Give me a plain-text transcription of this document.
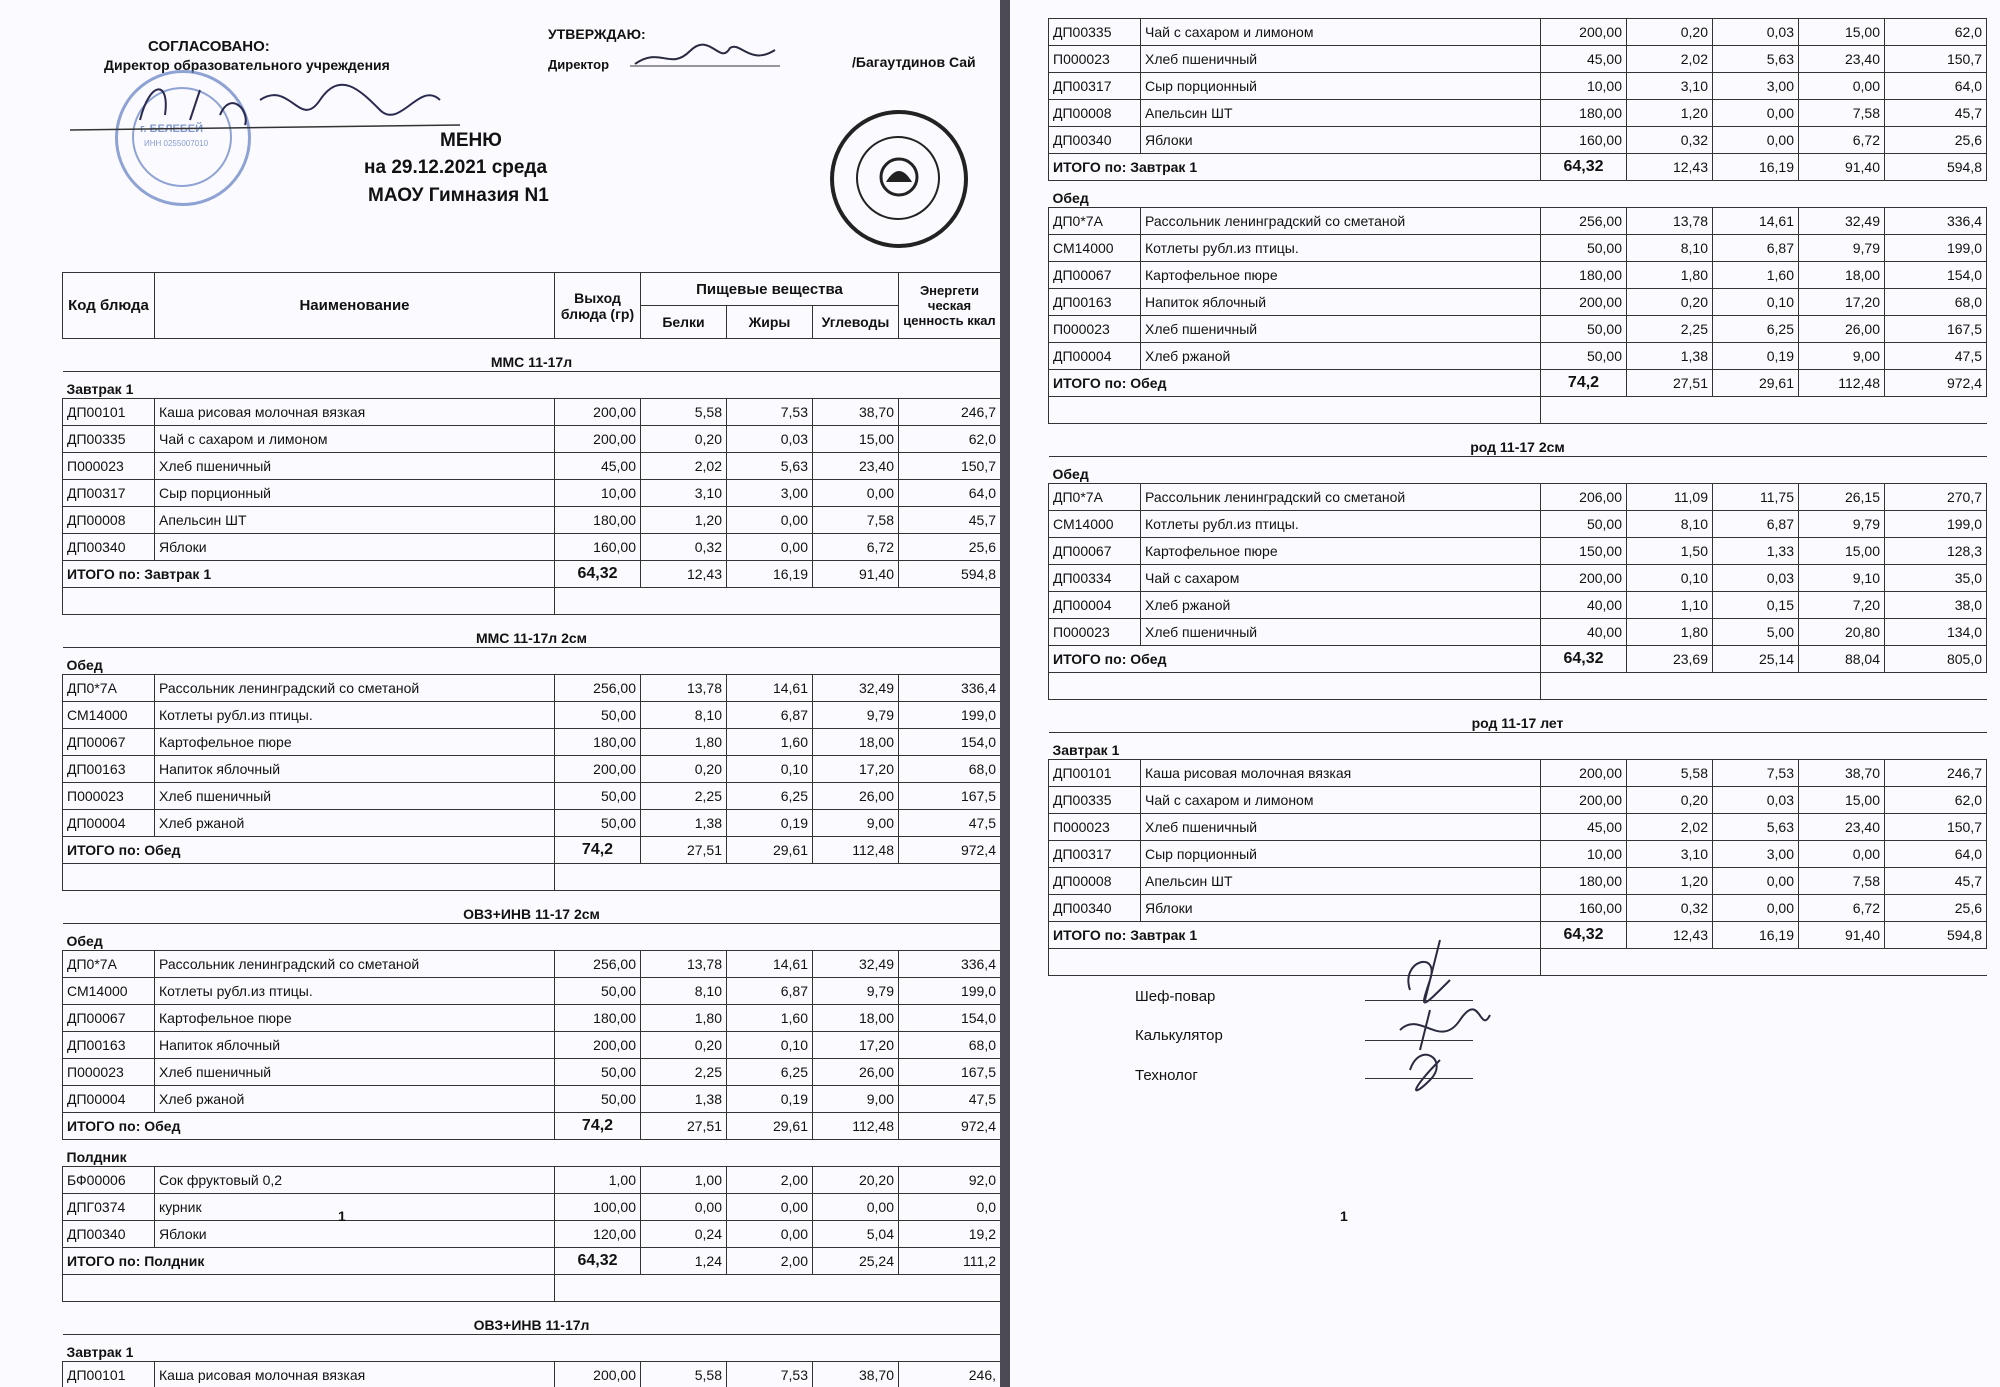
СОГЛАСОВАНО:
Директор образовательного учреждения
УТВЕРЖДАЮ:
Директор	/Багаутдинов Сай
г. БЕЛЕБЕЙ
ИНН 0255007010	МЕНЮ
на 29.12.2021 среда
МАОУ Гимназия N1
Код блюда	Наименование	Выход блюда (гр)	Пищевые вещества			Энергети ческая ценность ккал
			Белки	Жиры	Углеводы	
ММС 11-17л						
Завтрак 1						
ДП00101	Каша рисовая молочная вязкая	200,00	5,58	7,53	38,70	246,7
ДП00335	Чай с сахаром и лимоном	200,00	0,20	0,03	15,00	62,0
П000023	Хлеб пшеничный	45,00	2,02	5,63	23,40	150,7
ДП00317	Сыр порционный	10,00	3,10	3,00	0,00	64,0
ДП00008	Апельсин ШТ	180,00	1,20	0,00	7,58	45,7
ДП00340	Яблоки	160,00	0,32	0,00	6,72	25,6
ИТОГО по: Завтрак 1		64,32	12,43	16,19	91,40	594,8

ММС 11-17л 2см						
Обед						
ДП0*7А	Рассольник ленинградский со сметаной	256,00	13,78	14,61	32,49	336,4
СМ14000	Котлеты рубл.из птицы.	50,00	8,10	6,87	9,79	199,0
ДП00067	Картофельное пюре	180,00	1,80	1,60	18,00	154,0
ДП00163	Напиток яблочный	200,00	0,20	0,10	17,20	68,0
П000023	Хлеб пшеничный	50,00	2,25	6,25	26,00	167,5
ДП00004	Хлеб ржаной	50,00	1,38	0,19	9,00	47,5
ИТОГО по: Обед		74,2	27,51	29,61	112,48	972,4

ОВЗ+ИНВ 11-17 2см						
Обед						
ДП0*7А	Рассольник ленинградский со сметаной	256,00	13,78	14,61	32,49	336,4
СМ14000	Котлеты рубл.из птицы.	50,00	8,10	6,87	9,79	199,0
ДП00067	Картофельное пюре	180,00	1,80	1,60	18,00	154,0
ДП00163	Напиток яблочный	200,00	0,20	0,10	17,20	68,0
П000023	Хлеб пшеничный	50,00	2,25	6,25	26,00	167,5
ДП00004	Хлеб ржаной	50,00	1,38	0,19	9,00	47,5
ИТОГО по: Обед		74,2	27,51	29,61	112,48	972,4
Полдник						
БФ00006	Сок фруктовый 0,2	1,00	1,00	2,00	20,20	92,0
ДПГ0374	курник	100,00	0,00	0,00	0,00	0,0
ДП00340	Яблоки	120,00	0,24	0,00	5,04	19,2
ИТОГО по: Полдник		64,32	1,24	2,00	25,24	111,2

ОВЗ+ИНВ 11-17л						
Завтрак 1						
ДП00101	Каша рисовая молочная вязкая	200,00	5,58	7,53	38,70	246,
1
ДП00335	Чай с сахаром и лимоном	200,00	0,20	0,03	15,00	62,0
П000023	Хлеб пшеничный	45,00	2,02	5,63	23,40	150,7
ДП00317	Сыр порционный	10,00	3,10	3,00	0,00	64,0
ДП00008	Апельсин ШТ	180,00	1,20	0,00	7,58	45,7
ДП00340	Яблоки	160,00	0,32	0,00	6,72	25,6
ИТОГО по: Завтрак 1		64,32	12,43	16,19	91,40	594,8
Обед						
ДП0*7А	Рассольник ленинградский со сметаной	256,00	13,78	14,61	32,49	336,4
СМ14000	Котлеты рубл.из птицы.	50,00	8,10	6,87	9,79	199,0
ДП00067	Картофельное пюре	180,00	1,80	1,60	18,00	154,0
ДП00163	Напиток яблочный	200,00	0,20	0,10	17,20	68,0
П000023	Хлеб пшеничный	50,00	2,25	6,25	26,00	167,5
ДП00004	Хлеб ржаной	50,00	1,38	0,19	9,00	47,5
ИТОГО по: Обед		74,2	27,51	29,61	112,48	972,4

род 11-17 2см						
Обед						
ДП0*7А	Рассольник ленинградский со сметаной	206,00	11,09	11,75	26,15	270,7
СМ14000	Котлеты рубл.из птицы.	50,00	8,10	6,87	9,79	199,0
ДП00067	Картофельное пюре	150,00	1,50	1,33	15,00	128,3
ДП00334	Чай с сахаром	200,00	0,10	0,03	9,10	35,0
ДП00004	Хлеб ржаной	40,00	1,10	0,15	7,20	38,0
П000023	Хлеб пшеничный	40,00	1,80	5,00	20,80	134,0
ИТОГО по: Обед		64,32	23,69	25,14	88,04	805,0

род 11-17 лет						
Завтрак 1						
ДП00101	Каша рисовая молочная вязкая	200,00	5,58	7,53	38,70	246,7
ДП00335	Чай с сахаром и лимоном	200,00	0,20	0,03	15,00	62,0
П000023	Хлеб пшеничный	45,00	2,02	5,63	23,40	150,7
ДП00317	Сыр порционный	10,00	3,10	3,00	0,00	64,0
ДП00008	Апельсин ШТ	180,00	1,20	0,00	7,58	45,7
ДП00340	Яблоки	160,00	0,32	0,00	6,72	25,6
ИТОГО по: Завтрак 1		64,32	12,43	16,19	91,40	594,8

Шеф-повар
Калькулятор
Технолог
1
